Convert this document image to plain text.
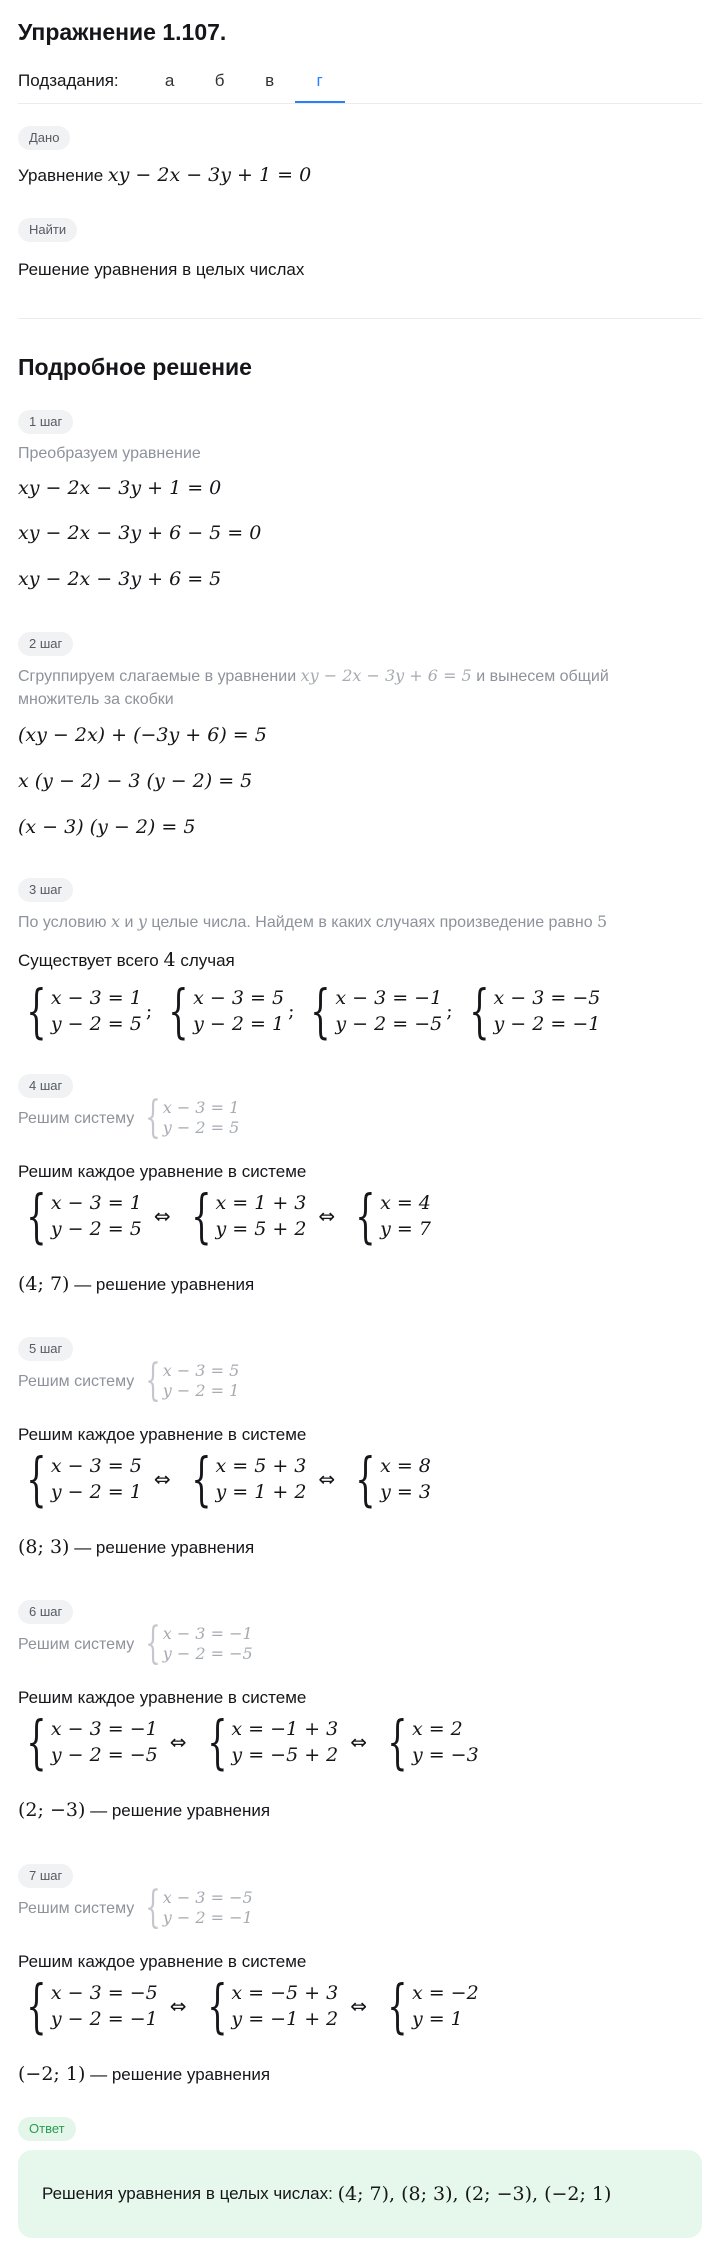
Упражнение 1.107.
Подзадания:	а	б	в	г
Дано
Уравнение xy − 2x − 3y + 1 = 0
Найти
Решение уравнения в целых числах
Подробное решение
1 шаг
Преобразуем уравнение
xy − 2x − 3y + 1 = 0
xy − 2x − 3y + 6 − 5 = 0
xy − 2x − 3y + 6 = 5
2 шаг
Сгруппируем слагаемые в уравнении xy − 2x − 3y + 6 = 5 и вынесем общий
множитель за скобки
(xy − 2x) + (−3y + 6) = 5
x (y − 2) − 3 (y − 2) = 5
(x − 3) (y − 2) = 5
3 шаг
По условию x и y целые числа. Найдем в каких случаях произведение равно 5
Существует всего 4 случая
{ x − 3 = 1
y − 2 = 5
; { x − 3 = 5
y − 2 = 1
; { x − 3 = −1
y − 2 = −5
; { x − 3 = −5
y − 2 = −1
4 шаг
Решим систему
{ x − 3 = 1
y − 2 = 5
Решим каждое уравнение в системе
{ x − 3 = 1
y − 2 = 5
⇔ { x = 1 + 3
y = 5 + 2
⇔ { x = 4
y = 7
(4; 7) — решение уравнения
5 шаг
Решим систему
{ x − 3 = 5
y − 2 = 1
Решим каждое уравнение в системе
{ x − 3 = 5
y − 2 = 1
⇔ { x = 5 + 3
y = 1 + 2
⇔ { x = 8
y = 3
(8; 3) — решение уравнения
6 шаг
Решим систему
{ x − 3 = −1
y − 2 = −5
Решим каждое уравнение в системе
{ x − 3 = −1
y − 2 = −5
⇔ { x = −1 + 3
y = −5 + 2
⇔ { x = 2
y = −3
(2; −3) — решение уравнения
7 шаг
Решим систему
{ x − 3 = −5
y − 2 = −1
Решим каждое уравнение в системе
{ x − 3 = −5
y − 2 = −1
⇔ { x = −5 + 3
y = −1 + 2
⇔ { x = −2
y = 1
(−2; 1) — решение уравнения
Ответ
Решения уравнения в целых числах:
(4; 7), (8; 3), (2; −3), (−2; 1)
